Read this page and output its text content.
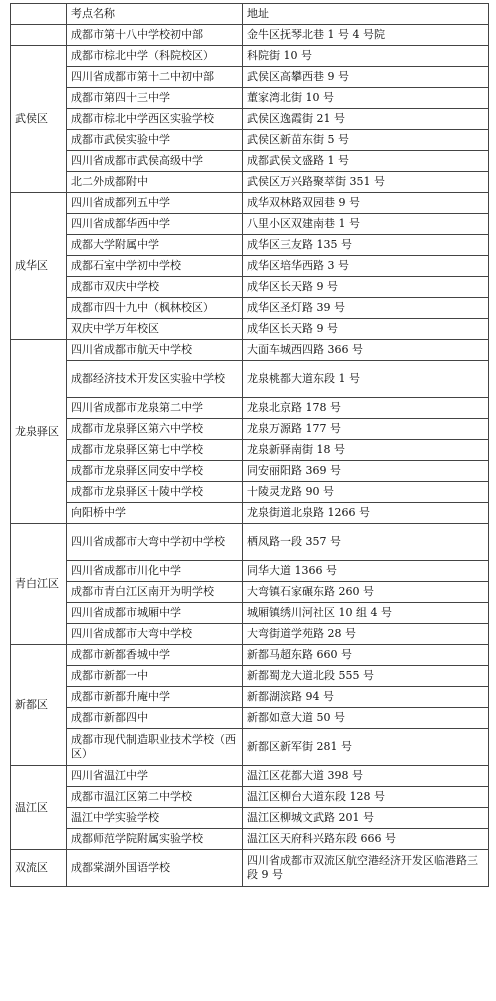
	考点名称	地址
	成都市第十八中学校初中部	金牛区抚琴北巷 1 号 4 号院
武侯区	成都市棕北中学（科院校区）	科院街 10 号
	四川省成都市第十二中初中部	武侯区高攀西巷 9 号
	成都市第四十三中学	董家湾北街 10 号
	成都市棕北中学西区实验学校	武侯区逸霞街 21 号
	成都市武侯实验中学	武侯区新苗东街 5 号
	四川省成都市武侯高级中学	成都武侯文盛路 1 号
	北二外成都附中	武侯区万兴路聚萃街 351 号
成华区	四川省成都列五中学	成华双林路双园巷 9 号
	四川省成都华西中学	八里小区双建南巷 1 号
	成都大学附属中学	成华区三友路 135 号
	成都石室中学初中学校	成华区培华西路 3 号
	成都市双庆中学校	成华区长天路 9 号
	成都市四十九中（枫林校区）	成华区圣灯路 39 号
	双庆中学万年校区	成华区长天路 9 号
龙泉驿区	四川省成都市航天中学校	大面车城西四路 366 号
	成都经济技术开发区实验中学校	龙泉桃都大道东段 1 号
	四川省成都市龙泉第二中学	龙泉北京路 178 号
	成都市龙泉驿区第六中学校	龙泉万源路 177 号
	成都市龙泉驿区第七中学校	龙泉新驿南街 18 号
	成都市龙泉驿区同安中学校	同安丽阳路 369 号
	成都市龙泉驿区十陵中学校	十陵灵龙路 90 号
	向阳桥中学	龙泉街道北泉路 1266 号
青白江区	四川省成都市大弯中学初中学校	栖凤路一段 357 号
	四川省成都市川化中学	同华大道 1366 号
	成都市青白江区南开为明学校	大弯镇石家碾东路 260 号
	四川省成都市城厢中学	城厢镇绣川河社区 10 组 4 号
	四川省成都市大弯中学校	大弯街道学苑路 28 号
新都区	成都市新都香城中学	新都马超东路 660 号
	成都市新都一中	新都蜀龙大道北段 555 号
	成都市新都升庵中学	新都湖滨路 94 号
	成都市新都四中	新都如意大道 50 号
	成都市现代制造职业技术学校（西区）	新都区新军街 281 号
温江区	四川省温江中学	温江区花都大道 398 号
	成都市温江区第二中学校	温江区柳台大道东段 128 号
	温江中学实验学校	温江区柳城文武路 201 号
	成都师范学院附属实验学校	温江区天府科兴路东段 666 号
双流区	成都棠湖外国语学校	四川省成都市双流区航空港经济开发区临港路三段 9 号
